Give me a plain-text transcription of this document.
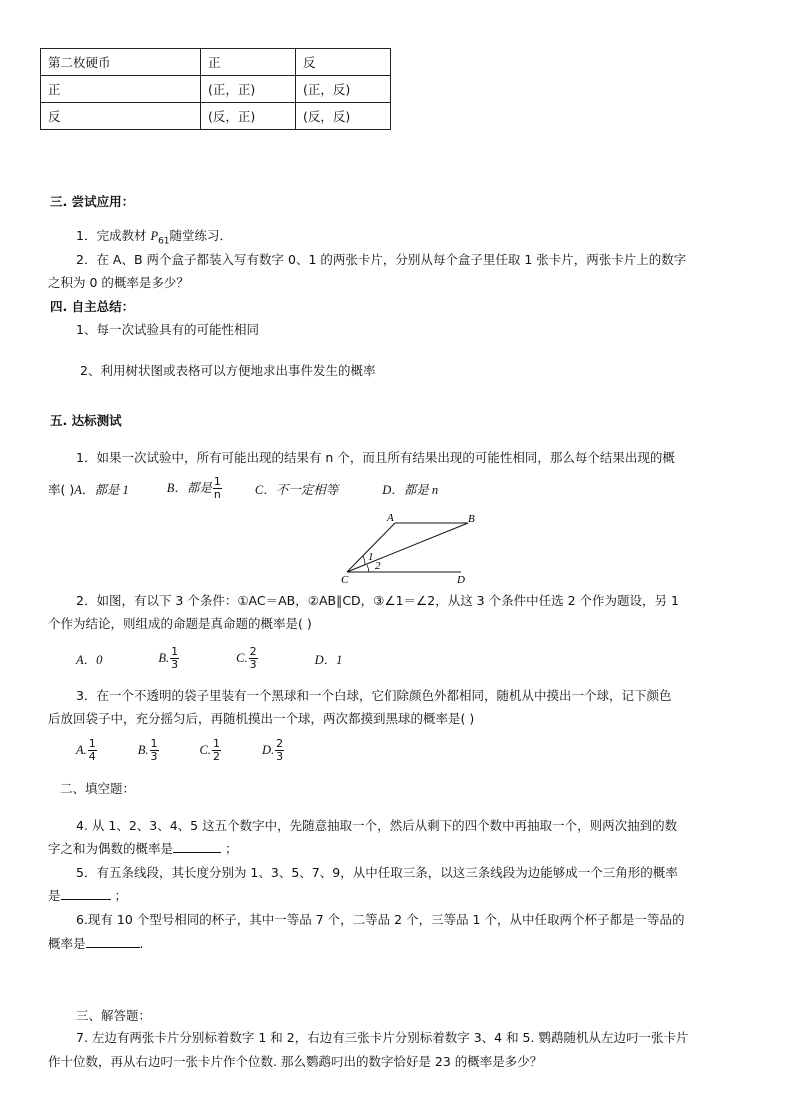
第二枚硬币	正	反
正	(正，正)	(正，反)
反	(反，正)	(反，反)
三. 尝试应用：
1．完成教材 $P_{61}$随堂练习．
2．在 A、B 两个盒子都装入写有数字 0、1 的两张卡片，分别从每个盒子里任取 1 张卡片，两张卡片上的数字
之积为 0 的概率是多少？
四. 自主总结：
1、每一次试验具有的可能性相同
2、利用树状图或表格可以方便地求出事件发生的概率
五. 达标测试
1．如果一次试验中，所有可能出现的结果有 n 个，而且所有结果出现的可能性相同，那么每个结果出现的概
率( ) A．都是 1	B．都是 $\frac{1}{n}$	C．不一定相等	D．都是 n
A	B
C	D
1
2
2．如图，有以下 3 个条件：①AC＝AB，②AB∥CD，③∠1＝∠2，从这 3 个条件中任选 2 个作为题设，另 1
个作为结论，则组成的命题是真命题的概率是( )
A．0	B. $\frac{1}{3}$	C. $\frac{2}{3}$	D．1
3．在一个不透明的袋子里装有一个黑球和一个白球，它们除颜色外都相同，随机从中摸出一个球，记下颜色
后放回袋子中，充分摇匀后，再随机摸出一个球，两次都摸到黑球的概率是( )
A. $\frac{1}{4}$	B. $\frac{1}{3}$	C. $\frac{1}{2}$	D. $\frac{2}{3}$
二、填空题：
4. 从 1、2、3、4、5 这五个数字中，先随意抽取一个，然后从剩下的四个数中再抽取一个，则两次抽到的数
字之和为偶数的概率是	；
5．有五条线段，其长度分别为 1、3、5、7、9，从中任取三条，以这三条线段为边能够成一个三角形的概率
是	；
6.现有 10 个型号相同的杯子，其中一等品 7 个，二等品 2 个，三等品 1 个，从中任取两个杯子都是一等品的
概率是	.
三、解答题：
7. 左边有两张卡片分别标着数字 1 和 2，右边有三张卡片分别标着数字 3、4 和 5. 鹦鹉随机从左边叼一张卡片
作十位数，再从右边叼一张卡片作个位数. 那么鹦鹉叼出的数字恰好是 23 的概率是多少？
